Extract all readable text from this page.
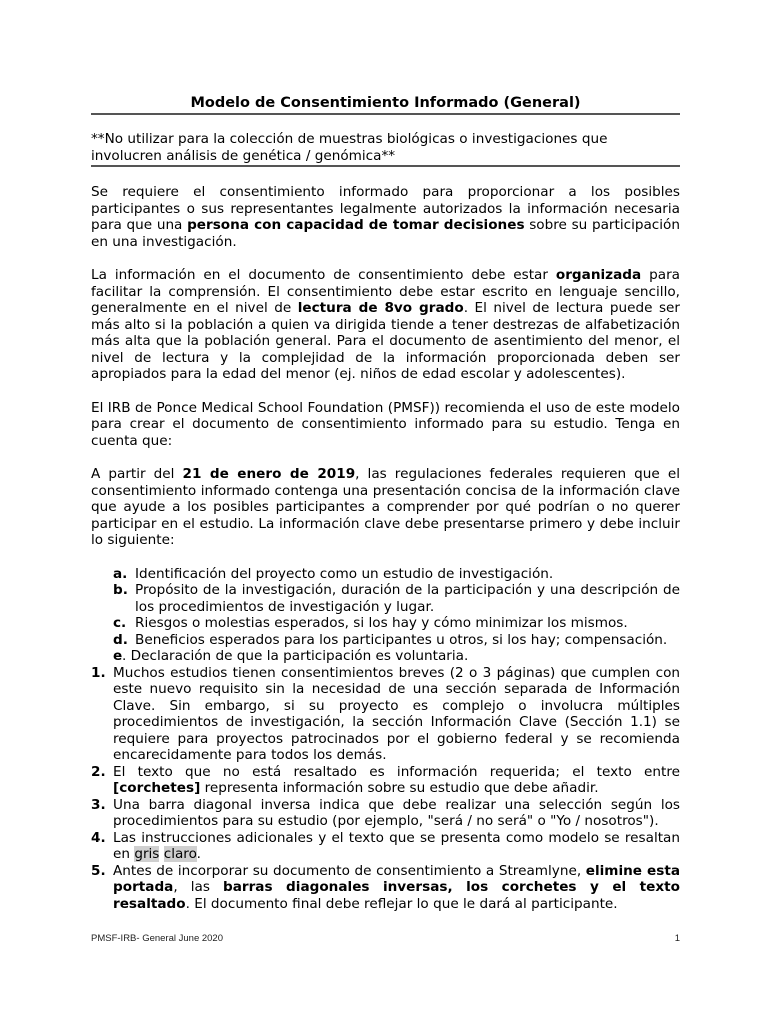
Modelo de Consentimiento Informado (General)
**No utilizar para la colección de muestras biológicas o investigaciones que involucren análisis de genética / genómica**

Se requiere el consentimiento informado para proporcionar a los posibles participantes o sus representantes legalmente autorizados la información necesaria para que una persona con capacidad de tomar decisiones sobre su participación en una investigación.

La información en el documento de consentimiento debe estar organizada para facilitar la comprensión. El consentimiento debe estar escrito en lenguaje sencillo, generalmente en el nivel de lectura de 8vo grado. El nivel de lectura puede ser más alto si la población a quien va dirigida tiende a tener destrezas de alfabetización más alta que la población general. Para el documento de asentimiento del menor, el nivel de lectura y la complejidad de la información proporcionada deben ser apropiados para la edad del menor (ej. niños de edad escolar y adolescentes).

El IRB de Ponce Medical School Foundation (PMSF)) recomienda el uso de este modelo para crear el documento de consentimiento informado para su estudio. Tenga en cuenta que:

A partir del 21 de enero de 2019, las regulaciones federales requieren que el consentimiento informado contenga una presentación concisa de la información clave que ayude a los posibles participantes a comprender por qué podrían o no querer participar en el estudio. La información clave debe presentarse primero y debe incluir lo siguiente:

a. Identificación del proyecto como un estudio de investigación.
b. Propósito de la investigación, duración de la participación y una descripción de los procedimientos de investigación y lugar.
c. Riesgos o molestias esperados, si los hay y cómo minimizar los mismos.
d. Beneficios esperados para los participantes u otros, si los hay; compensación.
e . Declaración de que la participación es voluntaria.
1. Muchos estudios tienen consentimientos breves (2 o 3 páginas) que cumplen con este nuevo requisito sin la necesidad de una sección separada de Información Clave. Sin embargo, si su proyecto es complejo o involucra múltiples procedimientos de investigación, la sección Información Clave (Sección 1.1) se requiere para proyectos patrocinados por el gobierno federal y se recomienda encarecidamente para todos los demás.
2. El texto que no está resaltado es información requerida; el texto entre [corchetes] representa información sobre su estudio que debe añadir.
3. Una barra diagonal inversa indica que debe realizar una selección según los procedimientos para su estudio (por ejemplo, "será / no será" o "Yo / nosotros").
4. Las instrucciones adicionales y el texto que se presenta como modelo se resaltan en gris claro.
5. Antes de incorporar su documento de consentimiento a Streamlyne, elimine esta portada, las barras diagonales inversas, los corchetes y el texto resaltado. El documento final debe reflejar lo que le dará al participante.
PMSF-IRB- General June 2020	1
